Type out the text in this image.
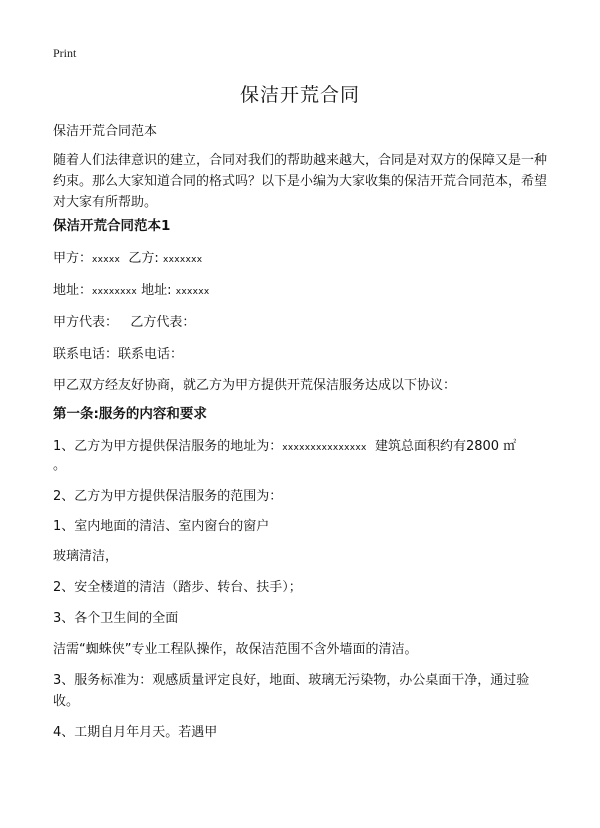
Print
保洁开荒合同
保洁开荒合同范本
随着人们法律意识的建立，合同对我们的帮助越来越大，合同是对双方的保障又是一种约束。那么大家知道合同的格式吗？以下是小编为大家收集的保洁开荒合同范本，希望对大家有所帮助。
保洁开荒合同范本1
甲方：xxxxx 乙方: xxxxxxx
地址：xxxxxxxx 地址: xxxxxx
甲方代表：   乙方代表：
联系电话：联系电话：
甲乙双方经友好协商，就乙方为甲方提供开荒保洁服务达成以下协议：
第一条:服务的内容和要求
1、乙方为甲方提供保洁服务的地址为：xxxxxxxxxxxxxxx  建筑总面积约有2800 ㎡
。
2、乙方为甲方提供保洁服务的范围为：
1、室内地面的清洁、室内窗台的窗户
玻璃清洁，
2、安全楼道的清洁（踏步、转台、扶手）；
3、各个卫生间的全面
洁需“蜘蛛侠”专业工程队操作，故保洁范围不含外墙面的清洁。
3、服务标准为：观感质量评定良好，地面、玻璃无污染物，办公桌面干净，通过验收。
4、工期自月年月天。若遇甲
